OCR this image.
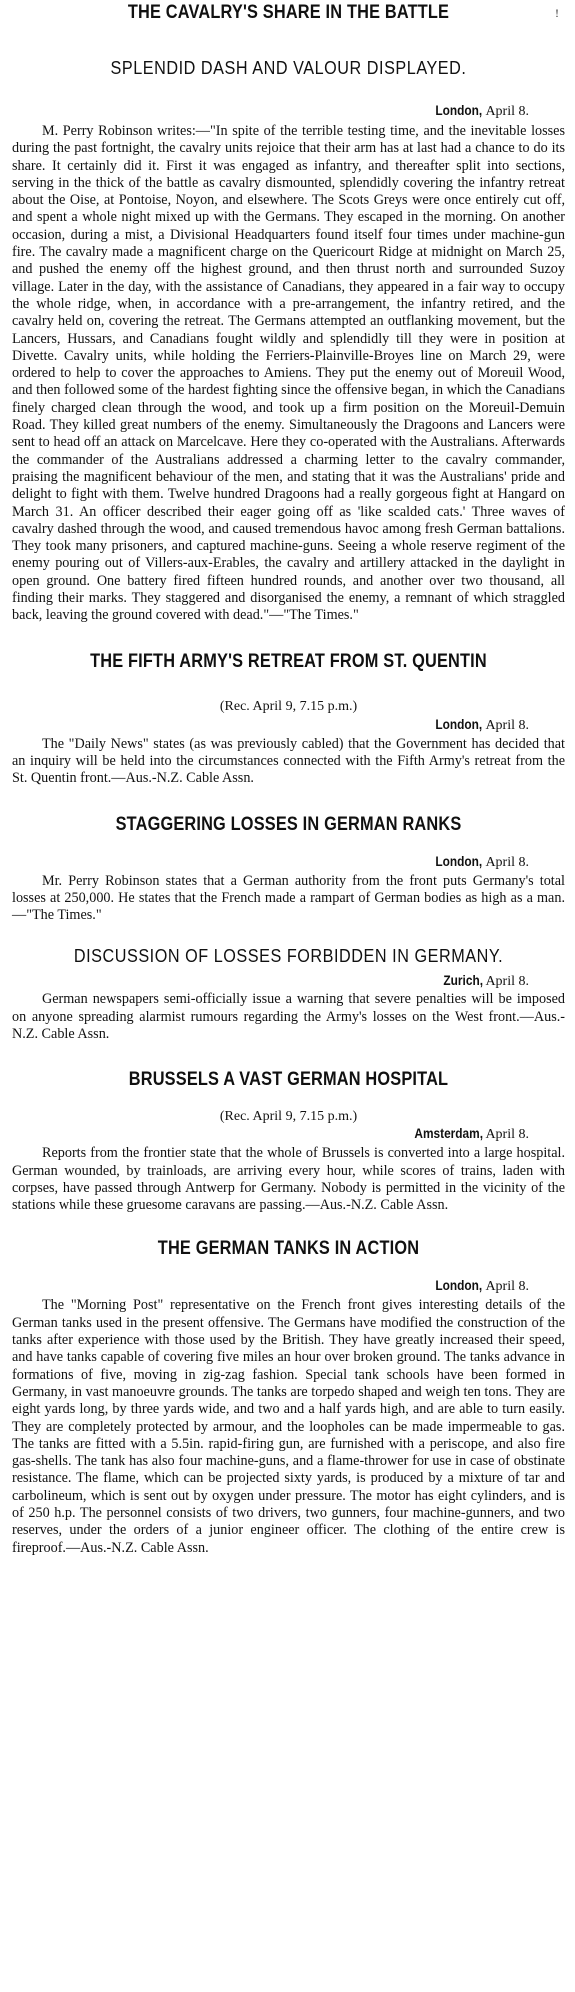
!
THE CAVALRY'S SHARE IN THE BATTLE
SPLENDID DASH AND VALOUR DISPLAYED.
London, April 8.

M. Perry Robinson writes:—"In spite of the terrible testing time, and the inevitable losses during the past fortnight, the cavalry units rejoice that their arm has at last had a chance to do its share. It certainly did it. First it was engaged as infantry, and thereafter split into sections, serving in the thick of the battle as cavalry dismounted, splendidly covering the infantry retreat about the Oise, at Pontoise, Noyon, and elsewhere. The Scots Greys were once entirely cut off, and spent a whole night mixed up with the Germans. They escaped in the morning. On another occasion, during a mist, a Divisional Headquarters found itself four times under machine-gun fire. The cavalry made a magnificent charge on the Quericourt Ridge at midnight on March 25, and pushed the enemy off the highest ground, and then thrust north and surrounded Suzoy village. Later in the day, with the assistance of Canadians, they appeared in a fair way to occupy the whole ridge, when, in accordance with a pre-arrangement, the infantry retired, and the cavalry held on, covering the retreat. The Germans attempted an outflanking movement, but the Lancers, Hussars, and Canadians fought wildly and splendidly till they were in position at Divette. Cavalry units, while holding the Ferriers-Plainville-Broyes line on March 29, were ordered to help to cover the approaches to Amiens. They put the enemy out of Moreuil Wood, and then followed some of the hardest fighting since the offensive began, in which the Canadians finely charged clean through the wood, and took up a firm position on the Moreuil-Demuin Road. They killed great numbers of the enemy. Simultaneously the Dragoons and Lancers were sent to head off an attack on Marcelcave. Here they co-operated with the Australians. Afterwards the commander of the Australians addressed a charming letter to the cavalry commander, praising the magnificent behaviour of the men, and stating that it was the Australians' pride and delight to fight with them. Twelve hundred Dragoons had a really gorgeous fight at Hangard on March 31. An officer described their eager going off as 'like scalded cats.' Three waves of cavalry dashed through the wood, and caused tremendous havoc among fresh German battalions. They took many prisoners, and captured machine-guns. Seeing a whole reserve regiment of the enemy pouring out of Villers-aux-Erables, the cavalry and artillery attacked in the daylight in open ground. One battery fired fifteen hundred rounds, and another over two thousand, all finding their marks. They staggered and disorganised the enemy, a remnant of which straggled back, leaving the ground covered with dead."—"The Times."

THE FIFTH ARMY'S RETREAT FROM ST. QUENTIN
(Rec. April 9, 7.15 p.m.)
London, April 8.

The "Daily News" states (as was previously cabled) that the Government has decided that an inquiry will be held into the circumstances connected with the Fifth Army's retreat from the St. Quentin front.—Aus.-N.Z. Cable Assn.

STAGGERING LOSSES IN GERMAN RANKS
London, April 8.

Mr. Perry Robinson states that a German authority from the front puts Germany's total losses at 250,000. He states that the French made a rampart of German bodies as high as a man.—"The Times."

DISCUSSION OF LOSSES FORBIDDEN IN GERMANY.
Zurich, April 8.

German newspapers semi-officially issue a warning that severe penalties will be imposed on anyone spreading alarmist rumours regarding the Army's losses on the West front.—Aus.-N.Z. Cable Assn.

BRUSSELS A VAST GERMAN HOSPITAL
(Rec. April 9, 7.15 p.m.)
Amsterdam, April 8.

Reports from the frontier state that the whole of Brussels is converted into a large hospital. German wounded, by trainloads, are arriving every hour, while scores of trains, laden with corpses, have passed through Antwerp for Germany. Nobody is permitted in the vicinity of the stations while these gruesome caravans are passing.—Aus.-N.Z. Cable Assn.

THE GERMAN TANKS IN ACTION
London, April 8.

The "Morning Post" representative on the French front gives interesting details of the German tanks used in the present offensive. The Germans have modified the construction of the tanks after experience with those used by the British. They have greatly increased their speed, and have tanks capable of covering five miles an hour over broken ground. The tanks advance in formations of five, moving in zig-zag fashion. Special tank schools have been formed in Germany, in vast manoeuvre grounds. The tanks are torpedo shaped and weigh ten tons. They are eight yards long, by three yards wide, and two and a half yards high, and are able to turn easily. They are completely protected by armour, and the loopholes can be made impermeable to gas. The tanks are fitted with a 5.5in. rapid-firing gun, are furnished with a periscope, and also fire gas-shells. The tank has also four machine-guns, and a flame-thrower for use in case of obstinate resistance. The flame, which can be projected sixty yards, is produced by a mixture of tar and carbolineum, which is sent out by oxygen under pressure. The motor has eight cylinders, and is of 250 h.p. The personnel consists of two drivers, two gunners, four machine-gunners, and two reserves, under the orders of a junior engineer officer. The clothing of the entire crew is fireproof.—Aus.-N.Z. Cable Assn.
